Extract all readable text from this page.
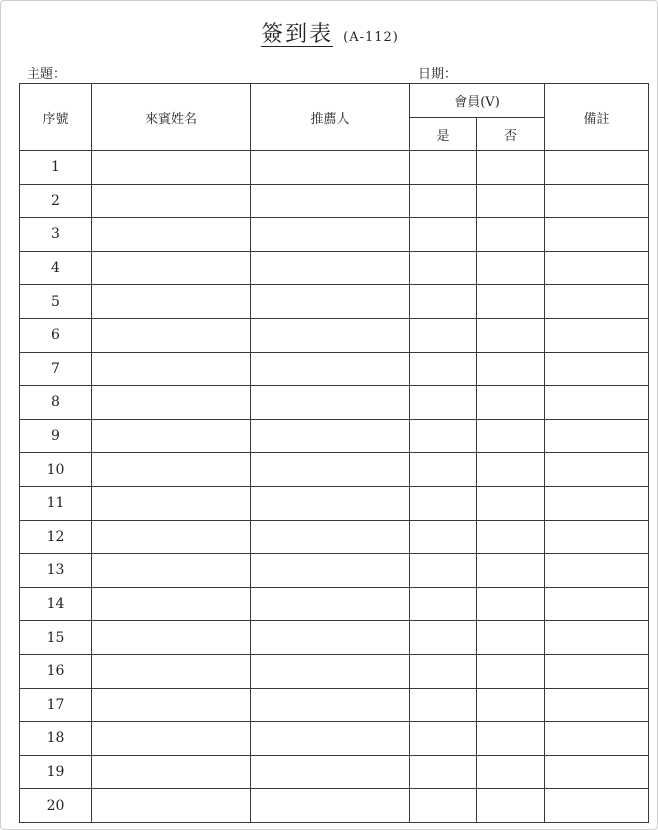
簽到表 (A-112)
主題：	日期：
序號	來賓姓名	推薦人	會員(V)		備註
			是	否	
1					
2					
3					
4					
5					
6					
7					
8					
9					
10					
11					
12					
13					
14					
15					
16					
17					
18					
19					
20					
